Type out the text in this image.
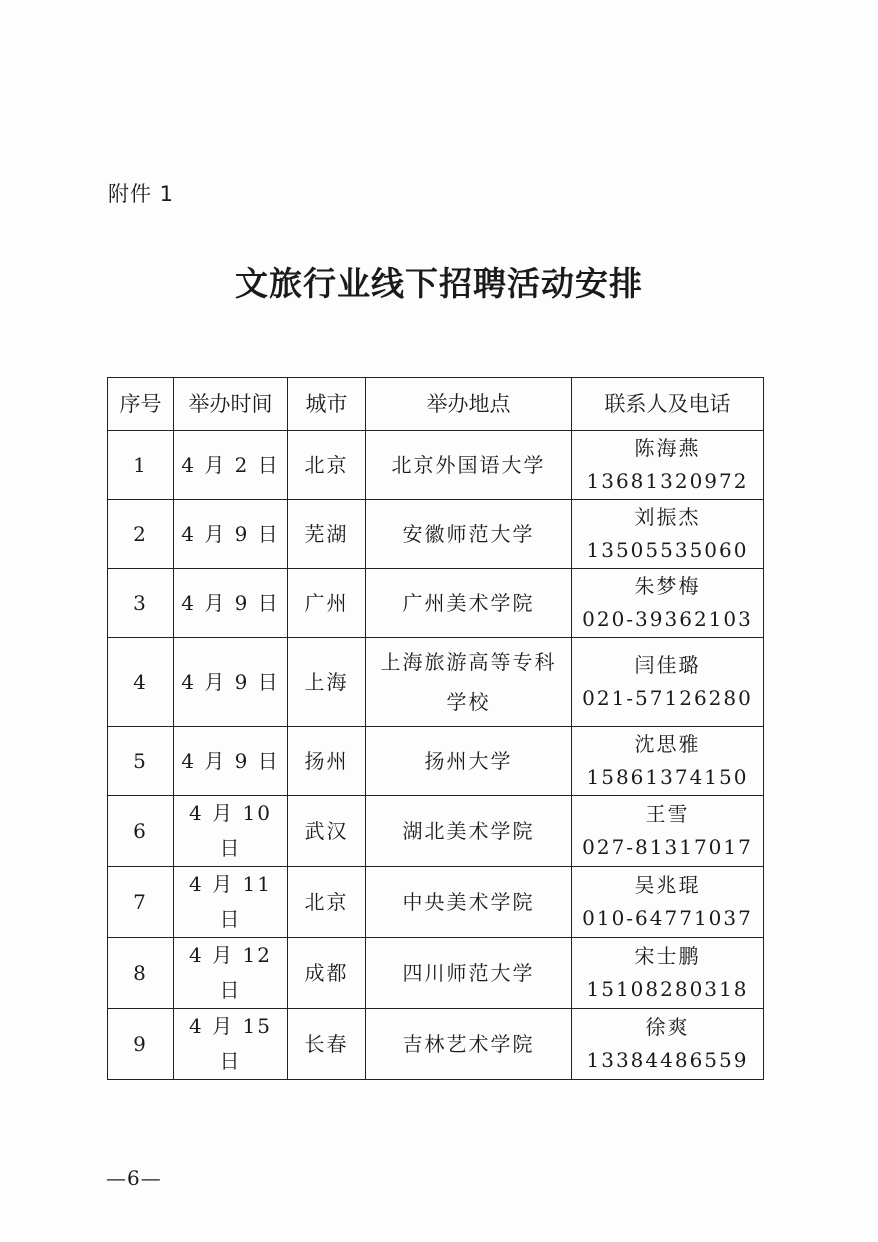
附件 1
文旅行业线下招聘活动安排
序号	举办时间	城市	举办地点	联系人及电话
1	4 月 2 日	北京	北京外国语大学	陈海燕
13681320972

2	4 月 9 日	芜湖	安徽师范大学	刘振杰
13505535060

3	4 月 9 日	广州	广州美术学院	朱梦梅
020-39362103

4	4 月 9 日	上海	上海旅游高等专科学校	闫佳璐
021-57126280

5	4 月 9 日	扬州	扬州大学	沈思雅
15861374150

6	4 月 10 日	武汉	湖北美术学院	王雪
027-81317017

7	4 月 11 日	北京	中央美术学院	吴兆琨
010-64771037

8	4 月 12 日	成都	四川师范大学	宋士鹏
15108280318

9	4 月 15 日	长春	吉林艺术学院	徐爽
13384486559
—6—
